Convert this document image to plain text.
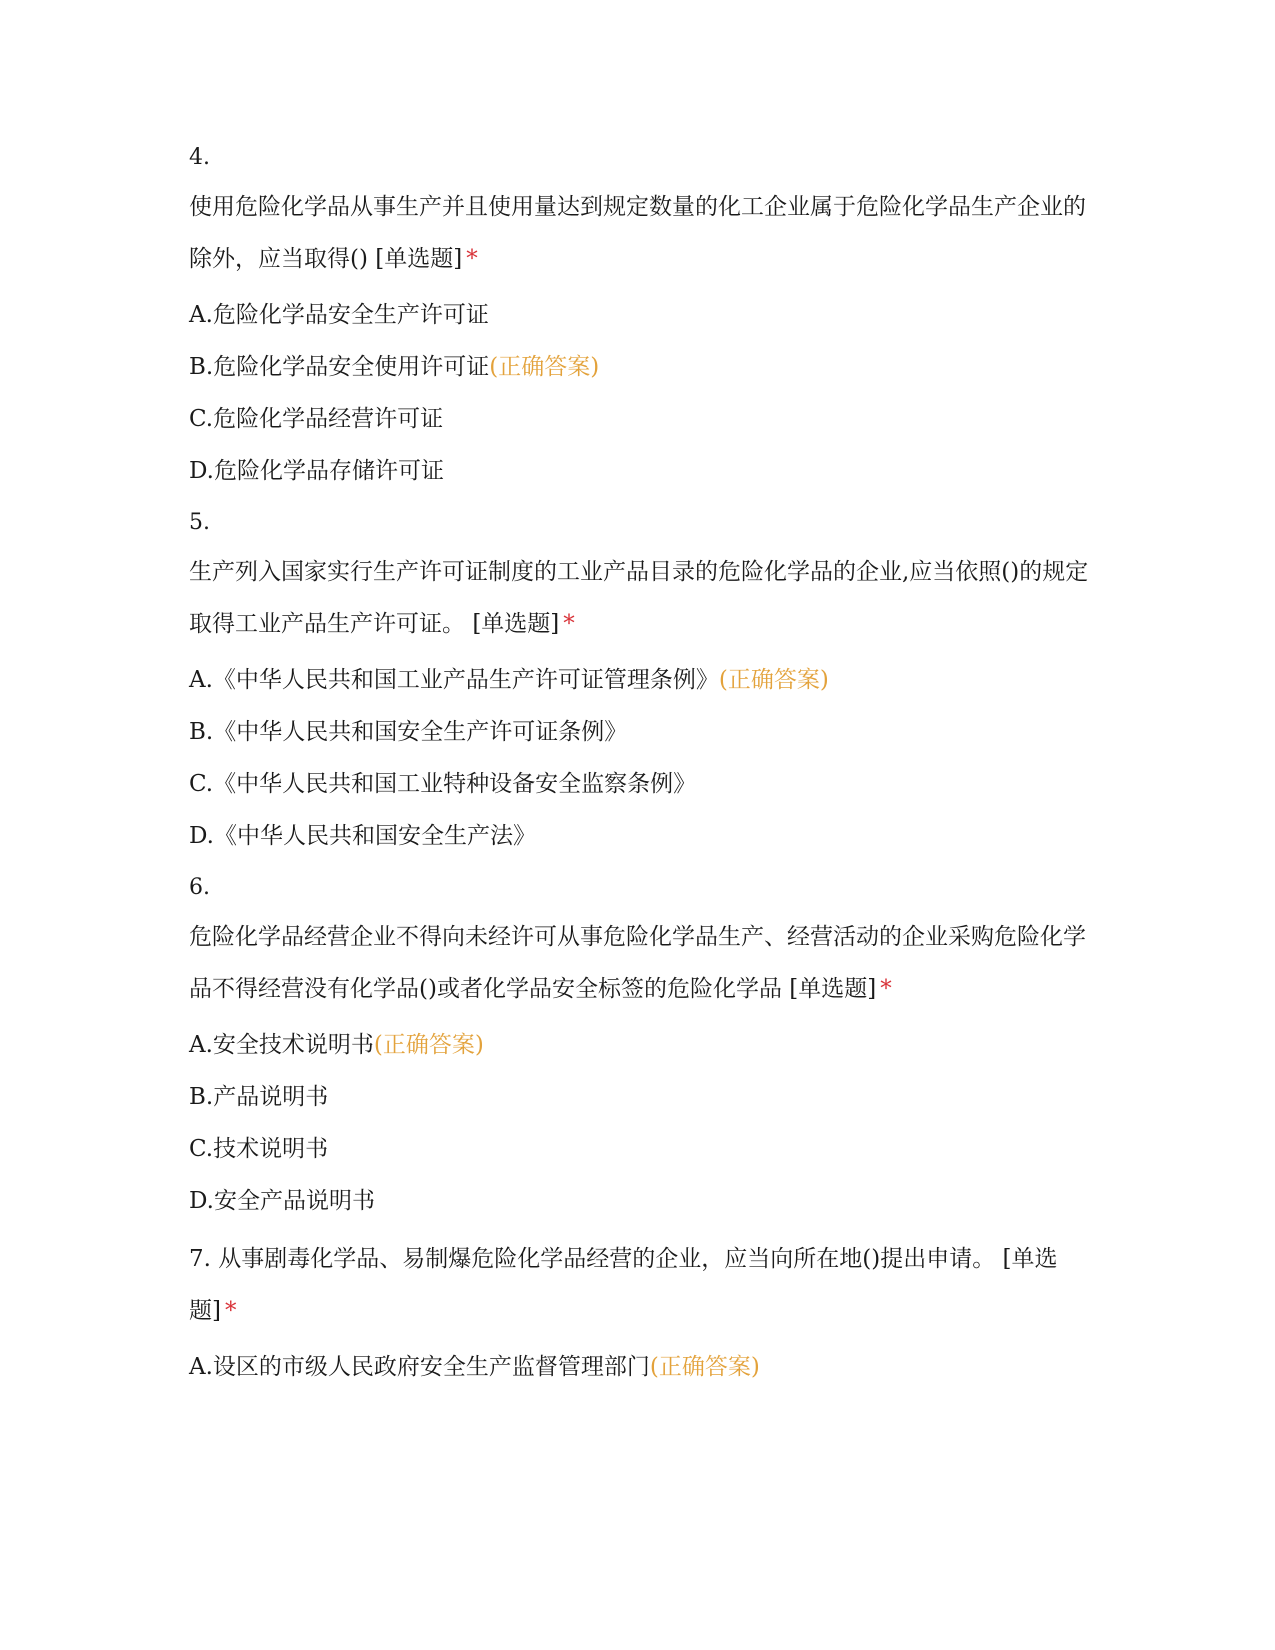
4.
使用危险化学品从事生产并且使用量达到规定数量的化工企业属于危险化学品生产企业的除外，应当取得() [单选题] *
A.危险化学品安全生产许可证
B.危险化学品安全使用许可证(正确答案)
C.危险化学品经营许可证
D.危险化学品存储许可证
5.
生产列入国家实行生产许可证制度的工业产品目录的危险化学品的企业,应当依照()的规定取得工业产品生产许可证。 [单选题] *
A.《中华人民共和国工业产品生产许可证管理条例》(正确答案)
B.《中华人民共和国安全生产许可证条例》
C.《中华人民共和国工业特种设备安全监察条例》
D.《中华人民共和国安全生产法》
6.
危险化学品经营企业不得向未经许可从事危险化学品生产、经营活动的企业采购危险化学品不得经营没有化学品()或者化学品安全标签的危险化学品 [单选题] *
A.安全技术说明书(正确答案)
B.产品说明书
C.技术说明书
D.安全产品说明书
7. 从事剧毒化学品、易制爆危险化学品经营的企业，应当向所在地()提出申请。 [单选题] *
A.设区的市级人民政府安全生产监督管理部门(正确答案)
